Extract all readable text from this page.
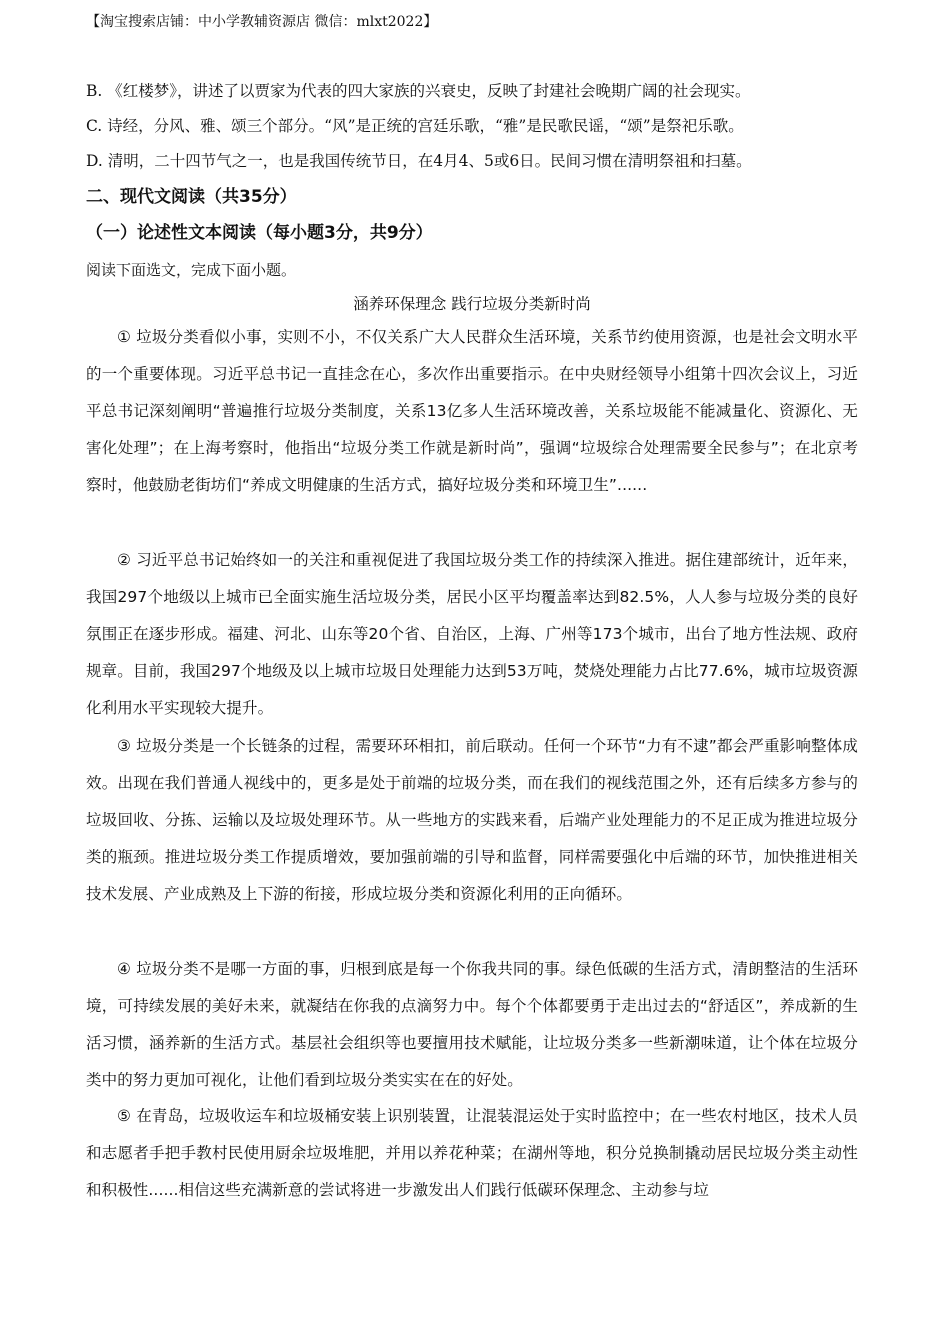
【淘宝搜索店铺：中小学教辅资源店 微信：mlxt2022】
B. 《红楼梦》，讲述了以贾家为代表的四大家族的兴衰史，反映了封建社会晚期广阔的社会现实。
C. 诗经，分风、雅、颂三个部分。“风”是正统的宫廷乐歌，“雅”是民歌民谣，“颂”是祭祀乐歌。
D. 清明，二十四节气之一，也是我国传统节日，在4月4、5或6日。民间习惯在清明祭祖和扫墓。
二、现代文阅读（共35分）
（一）论述性文本阅读（每小题3分，共9分）
阅读下面选文，完成下面小题。
涵养环保理念 践行垃圾分类新时尚

① 垃圾分类看似小事，实则不小，不仅关系广大人民群众生活环境，关系节约使用资源，也是社会文明水平的一个重要体现。习近平总书记一直挂念在心，多次作出重要指示。在中央财经领导小组第十四次会议上，习近平总书记深刻阐明“普遍推行垃圾分类制度，关系13亿多人生活环境改善，关系垃圾能不能减量化、资源化、无害化处理”；在上海考察时，他指出“垃圾分类工作就是新时尚”，强调“垃圾综合处理需要全民参与”；在北京考察时，他鼓励老街坊们“养成文明健康的生活方式，搞好垃圾分类和环境卫生”......

② 习近平总书记始终如一的关注和重视促进了我国垃圾分类工作的持续深入推进。据住建部统计，近年来，我国297个地级以上城市已全面实施生活垃圾分类，居民小区平均覆盖率达到82.5%，人人参与垃圾分类的良好氛围正在逐步形成。福建、河北、山东等20个省、自治区，上海、广州等173个城市，出台了地方性法规、政府规章。目前，我国297个地级及以上城市垃圾日处理能力达到53万吨，焚烧处理能力占比77.6%，城市垃圾资源化利用水平实现较大提升。

③ 垃圾分类是一个长链条的过程，需要环环相扣，前后联动。任何一个环节“力有不逮”都会严重影响整体成效。出现在我们普通人视线中的，更多是处于前端的垃圾分类，而在我们的视线范围之外，还有后续多方参与的垃圾回收、分拣、运输以及垃圾处理环节。从一些地方的实践来看，后端产业处理能力的不足正成为推进垃圾分类的瓶颈。推进垃圾分类工作提质增效，要加强前端的引导和监督，同样需要强化中后端的环节，加快推进相关技术发展、产业成熟及上下游的衔接，形成垃圾分类和资源化利用的正向循环。

④ 垃圾分类不是哪一方面的事，归根到底是每一个你我共同的事。绿色低碳的生活方式，清朗整洁的生活环境，可持续发展的美好未来，就凝结在你我的点滴努力中。每个个体都要勇于走出过去的“舒适区”，养成新的生活习惯，涵养新的生活方式。基层社会组织等也要擅用技术赋能，让垃圾分类多一些新潮味道，让个体在垃圾分类中的努力更加可视化，让他们看到垃圾分类实实在在的好处。

⑤ 在青岛，垃圾收运车和垃圾桶安装上识别装置，让混装混运处于实时监控中；在一些农村地区，技术人员和志愿者手把手教村民使用厨余垃圾堆肥，并用以养花种菜；在湖州等地，积分兑换制撬动居民垃圾分类主动性和积极性......相信这些充满新意的尝试将进一步激发出人们践行低碳环保理念、主动参与垃
